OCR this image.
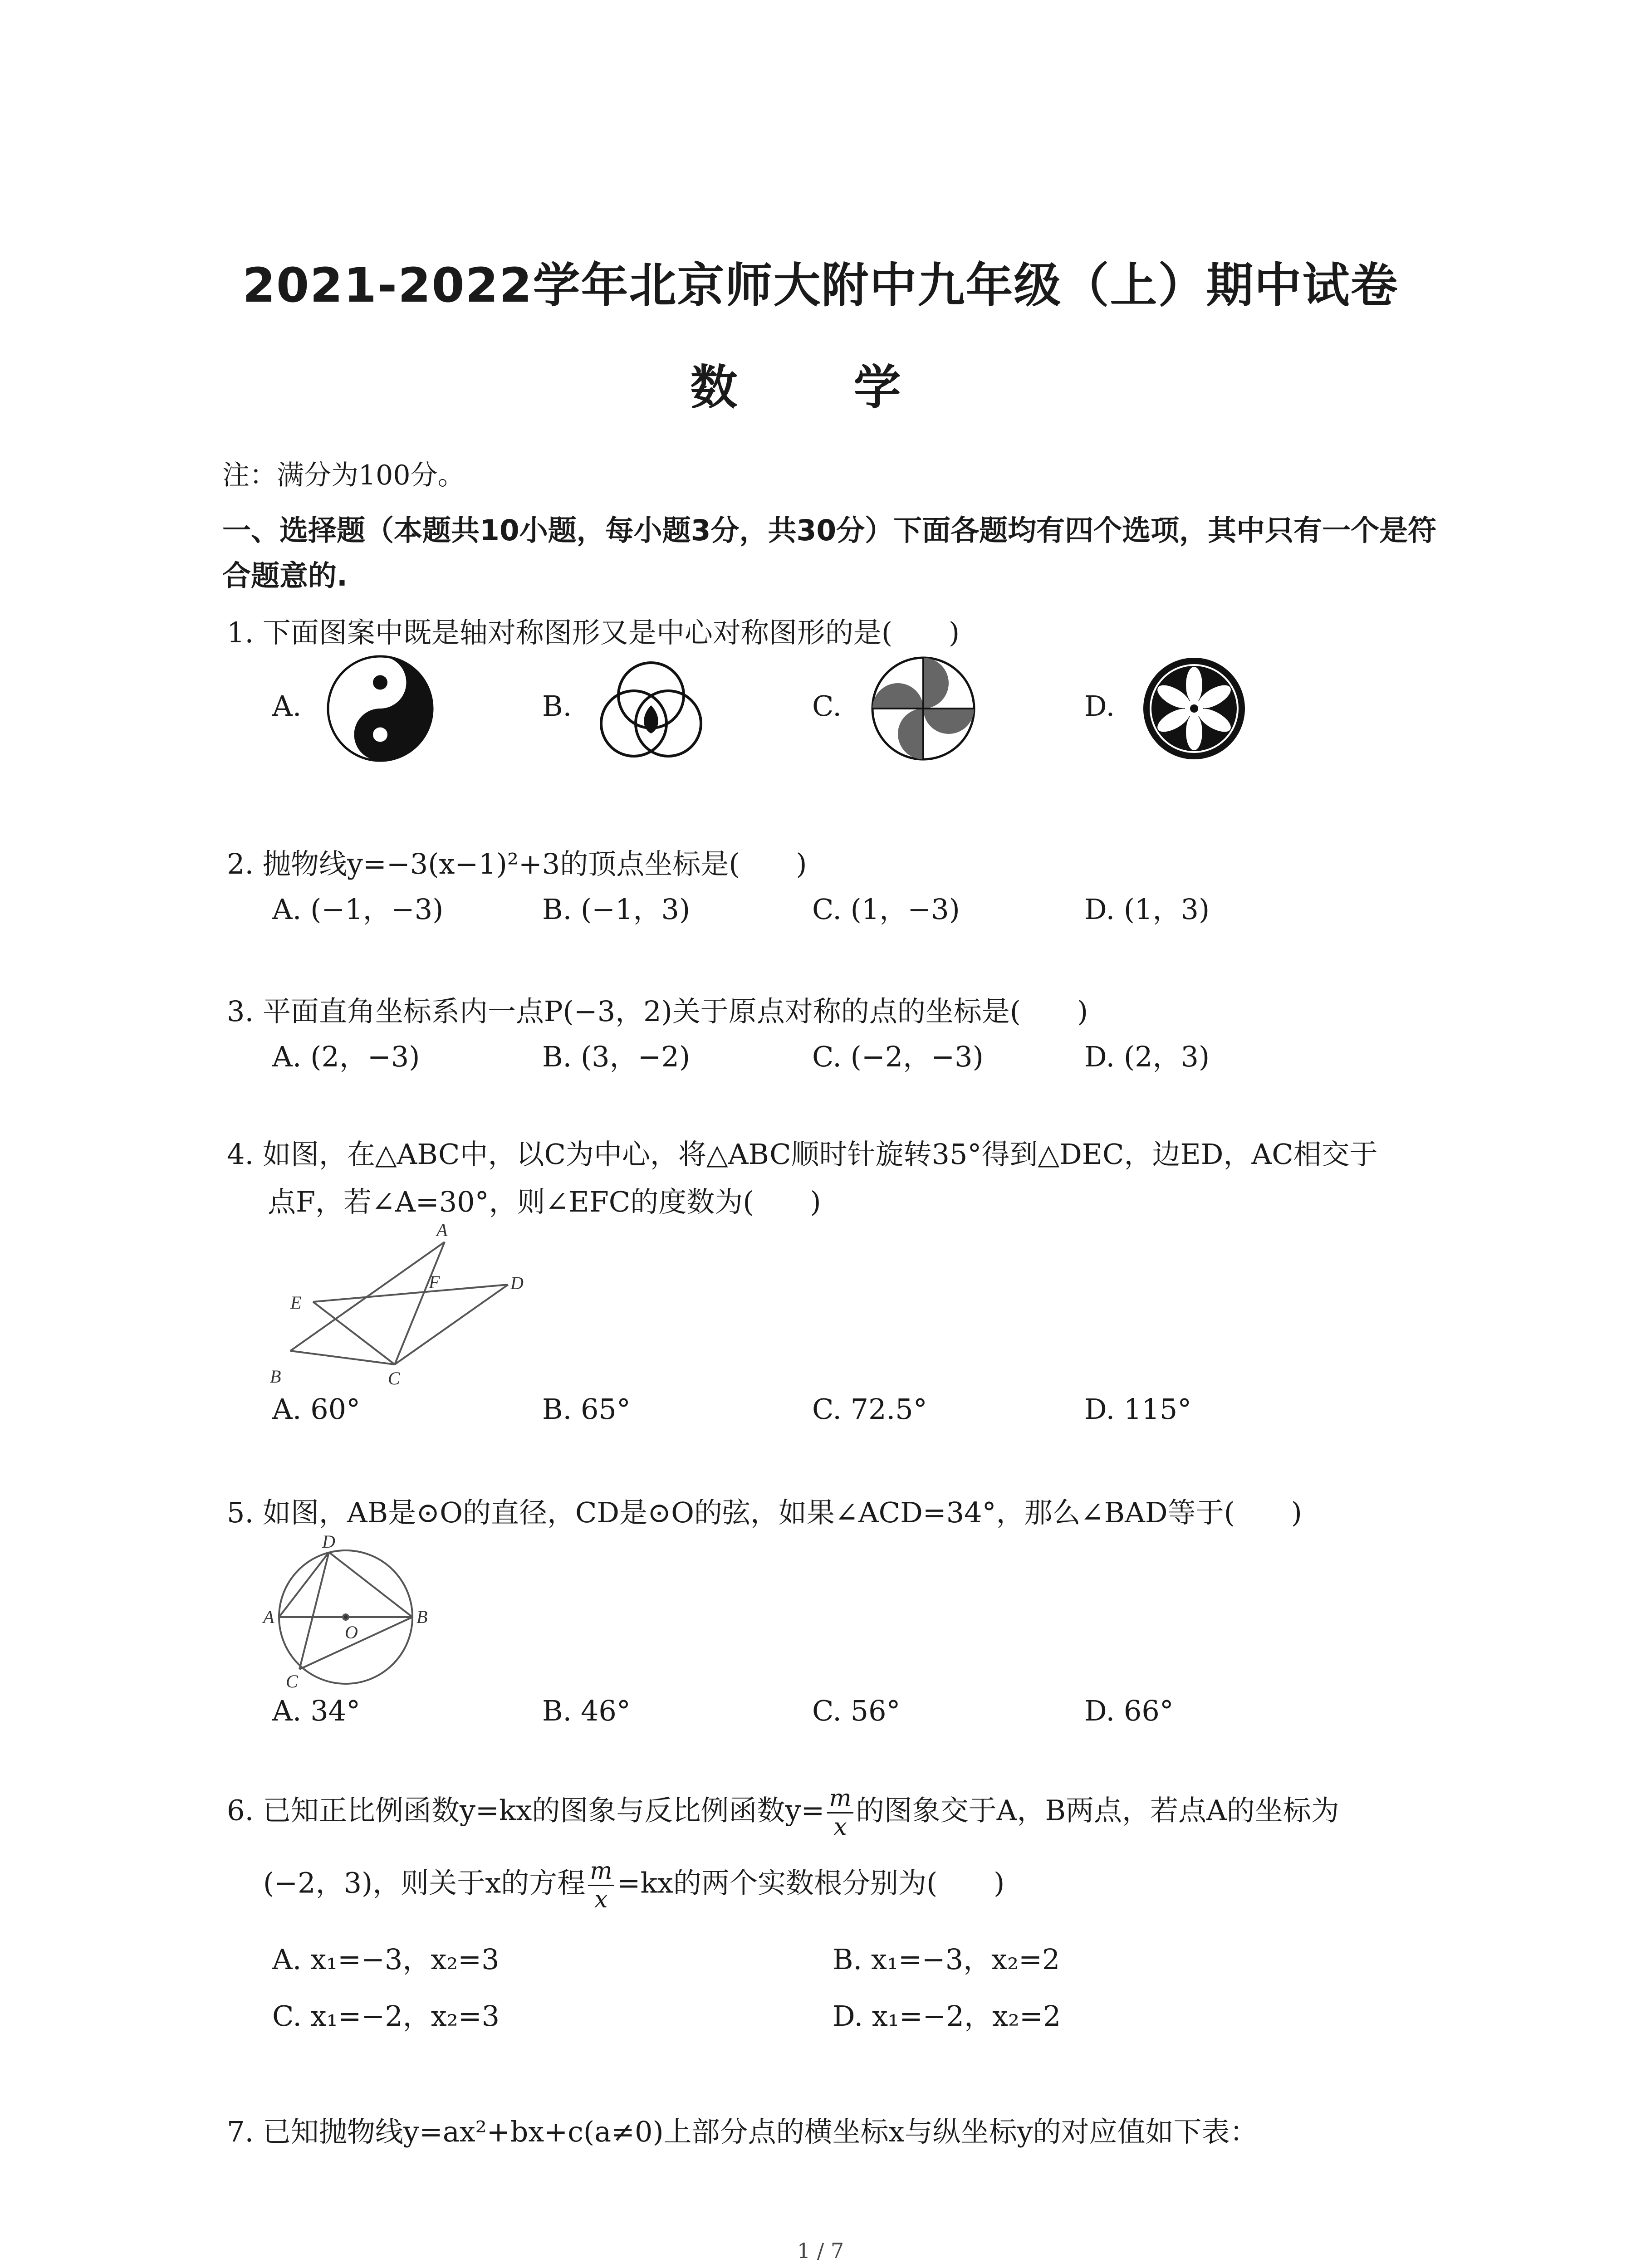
2021-2022学年北京师大附中九年级（上）期中试卷
数 学
注：满分为100分。
一、选择题（本题共10小题，每小题3分，共30分）下面各题均有四个选项，其中只有一个是符合题意的.
1. 下面图案中既是轴对称图形又是中心对称图形的是(　　)
A.	B.	C.	D.
A
F	D
E
B	C
D
A
O
B
C
2. 抛物线y=−3(x−1)²+3的顶点坐标是(　　)
A. (−1，−3)	B. (−1，3)	C. (1，−3)	D. (1，3)
3. 平面直角坐标系内一点P(−3，2)关于原点对称的点的坐标是(　　)
A. (2，−3)	B. (3，−2)	C. (−2，−3)	D. (2，3)
4. 如图，在△ABC中，以C为中心，将△ABC顺时针旋转35°得到△DEC，边ED，AC相交于
点F，若∠A=30°，则∠EFC的度数为(　　)
A. 60°	B. 65°	C. 72.5°	D. 115°
5. 如图，AB是⊙O的直径，CD是⊙O的弦，如果∠ACD=34°，那么∠BAD等于(　　)
A. 34°	B. 46°	C. 56°	D. 66°
6. 已知正比例函数y=kx的图象与反比例函数$y= \frac{m}{x}$ 的图象交于A，B两点，若点A的坐标为
(−2，3)，则关于x的方程 $\frac{m}{x} =kx$的两个实数根分别为(　　)
A. x₁=−3，x₂=3	B. x₁=−3，x₂=2
C. x₁=−2，x₂=3	D. x₁=−2，x₂=2
7. 已知抛物线y=ax²+bx+c(a≠0)上部分点的横坐标x与纵坐标y的对应值如下表：
1 / 7
